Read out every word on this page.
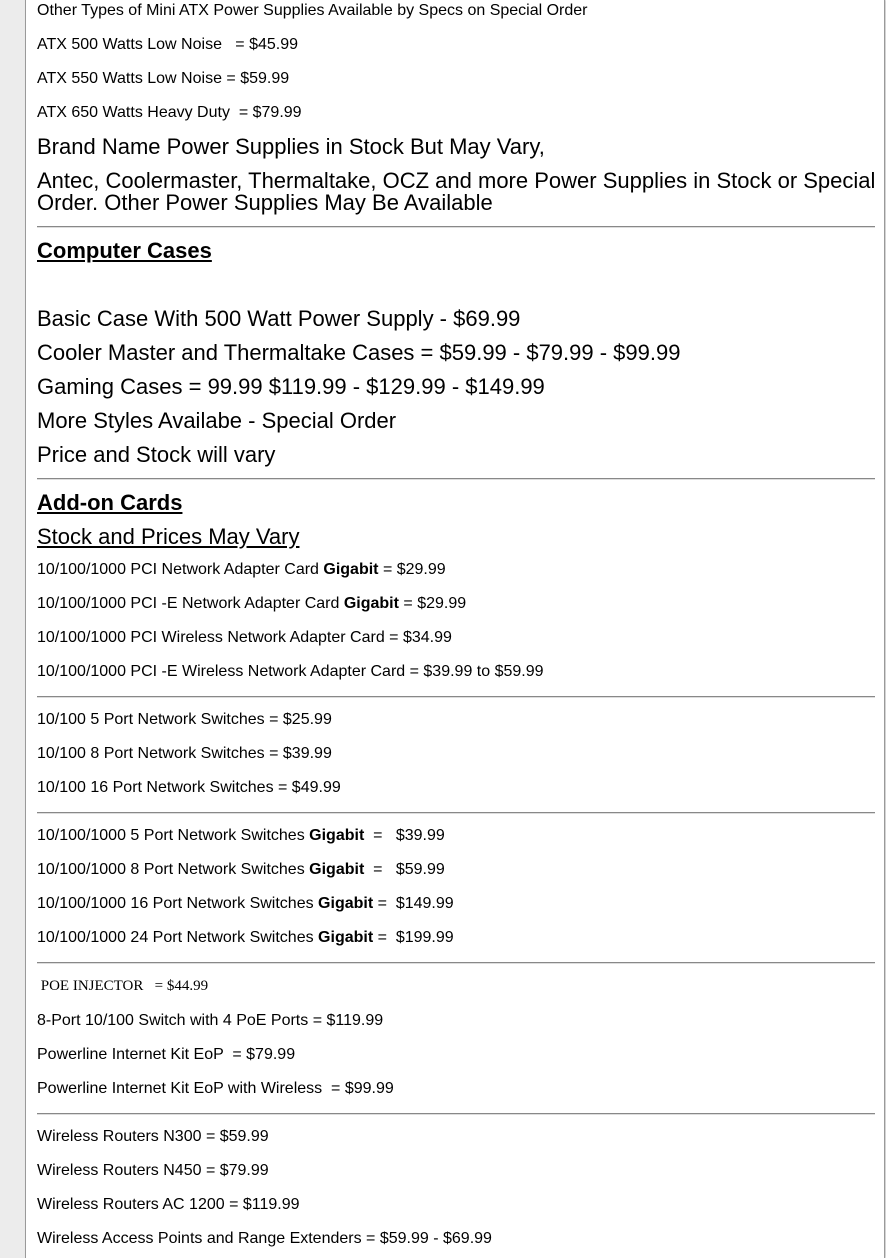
Other Types of Mini ATX Power Supplies Available by Specs on Special Order
ATX 500 Watts Low Noise   = $45.99
ATX 550 Watts Low Noise = $59.99
ATX 650 Watts Heavy Duty  = $79.99
Brand Name Power Supplies in Stock But May Vary,
Antec, Coolermaster, Thermaltake, OCZ and more Power Supplies in Stock or Special Order. Other Power Supplies May Be Available
Computer Cases
Basic Case With 500 Watt Power Supply - $69.99
Cooler Master and Thermaltake Cases = $59.99 - $79.99 - $99.99
Gaming Cases = 99.99 $119.99 - $129.99 - $149.99
More Styles Availabe - Special Order
Price and Stock will vary
Add-on Cards
Stock and Prices May Vary
10/100/1000 PCI Network Adapter Card Gigabit = $29.99
10/100/1000 PCI -E Network Adapter Card Gigabit = $29.99
10/100/1000 PCI Wireless Network Adapter Card = $34.99
10/100/1000 PCI -E Wireless Network Adapter Card = $39.99 to $59.99
10/100 5 Port Network Switches = $25.99
10/100 8 Port Network Switches = $39.99
10/100 16 Port Network Switches = $49.99
10/100/1000 5 Port Network Switches Gigabit  =   $39.99
10/100/1000 8 Port Network Switches Gigabit  =   $59.99
10/100/1000 16 Port Network Switches Gigabit =  $149.99
10/100/1000 24 Port Network Switches Gigabit =  $199.99
POE INJECTOR   = $44.99
8-Port 10/100 Switch with 4 PoE Ports = $119.99
Powerline Internet Kit EoP  = $79.99
Powerline Internet Kit EoP with Wireless  = $99.99
Wireless Routers N300 = $59.99
Wireless Routers N450 = $79.99
Wireless Routers AC 1200 = $119.99
Wireless Access Points and Range Extenders = $59.99 - $69.99
